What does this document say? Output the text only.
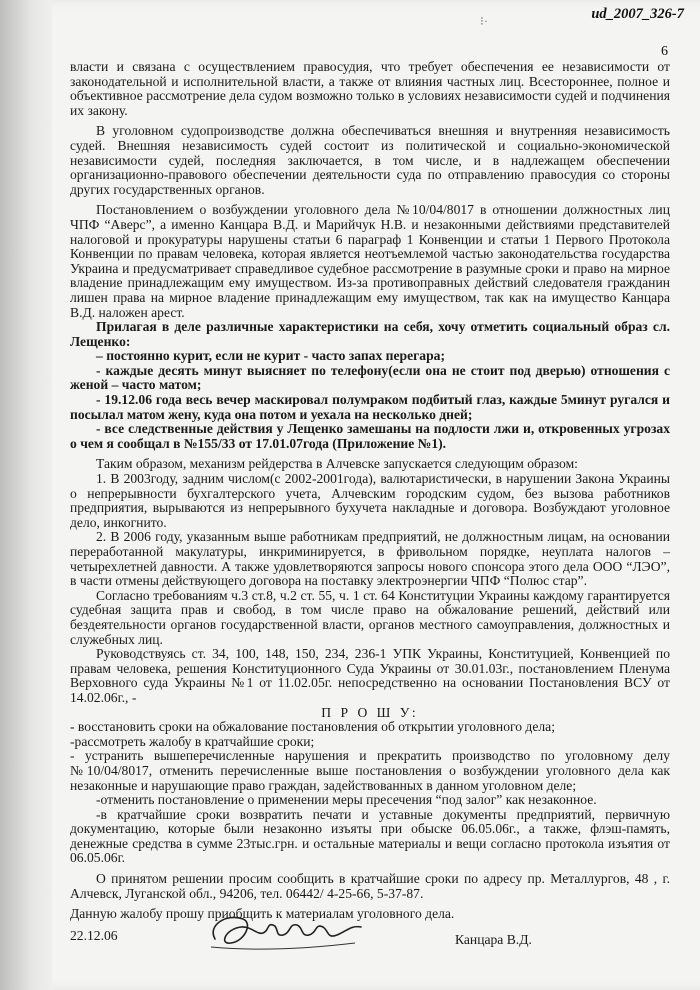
⁝·	ud_2007_326-7
6

власти и связана с осуществлением правосудия, что требует обеспечения ее независимости от законодательной и исполнительной власти, а также от влияния частных лиц. Всестороннее, полное и объективное рассмотрение дела судом возможно только в условиях независимости судей и подчинения их закону.

В уголовном судопроизводстве должна обеспечиваться внешняя и внутренняя независимость судей. Внешняя независимость судей состоит из политической и социально-экономической независимости судей, последняя заключается, в том числе, и в надлежащем обеспечении организационно-правового обеспечении деятельности суда по отправлению правосудия со стороны других государственных органов.

Постановлением о возбуждении уголовного дела №10/04/8017 в отношении должностных лиц ЧПФ “Аверс”, а именно Канцара В.Д. и Марийчук Н.В. и незаконными действиями представителей налоговой и прокуратуры нарушены статьи 6 параграф 1 Конвенции и статьи 1 Первого Протокола Конвенции по правам человека, которая является неотъемлемой частью законодательства государства Украина и предусматривает справедливое судебное рассмотрение в разумные сроки и право на мирное владение принадлежащим ему имуществом. Из-за противоправных действий следователя гражданин лишен права на мирное владение принадлежащим ему имуществом, так как на имущество Канцара В.Д. наложен арест.

Прилагая в деле различные характеристики на себя, хочу отметить социальный образ сл. Лещенко:

– постоянно курит, если не курит - часто запах перегара;

- каждые десять минут выясняет по телефону(если она не стоит под дверью) отношения с женой – часто матом;

- 19.12.06 года весь вечер маскировал полумраком подбитый глаз, каждые 5минут ругался и посылал матом жену, куда она потом и уехала на несколько дней;

- все следственные действия у Лещенко замешаны на подлости лжи и, откровенных угрозах о чем я сообщал в №155/33 от 17.01.07года (Приложение №1).

Таким образом, механизм рейдерства в Алчевске запускается следующим образом:

1. В 2003году, задним числом(с 2002-2001года), валютаристически, в нарушении Закона Украины о непрерывности бухгалтерского учета, Алчевским городским судом, без вызова работников предприятия, вырываются из непрерывного бухучета накладные и договора. Возбуждают уголовное дело, инкогнито.

2. В 2006 году, указанным выше работникам предприятий, не должностным лицам, на основании переработанной макулатуры, инкриминируется, в фривольном порядке, неуплата налогов – четырехлетней давности. А также удовлетворяются запросы нового спонсора этого дела ООО “ЛЭО”, в части отмены действующего договора на поставку электроэнергии ЧПФ “Полюс стар”.

Согласно требованиям ч.3 ст.8, ч.2 ст. 55, ч. 1 ст. 64 Конституции Украины каждому гарантируется судебная защита прав и свобод, в том числе право на обжалование решений, действий или бездеятельности органов государственной власти, органов местного самоуправления, должностных и служебных лиц.

Руководствуясь ст. 34, 100, 148, 150, 234, 236-1 УПК Украины, Конституцией, Конвенцией по правам человека, решения Конституционного Суда Украины от 30.01.03г., постановлением Пленума Верховного суда Украины №1 от 11.02.05г. непосредственно на основании Постановления ВСУ от 14.02.06г., -

П Р О Ш У:

- восстановить сроки на обжалование постановления об открытии уголовного дела;

-рассмотреть жалобу в кратчайшие сроки;

- устранить вышеперечисленные нарушения и прекратить производство по уголовному делу №10/04/8017, отменить перечисленные выше постановления о возбуждении уголовного дела как незаконные и нарушающие право граждан, задействованных в данном уголовном деле;

-отменить постановление о применении меры пресечения “под залог” как незаконное.

-в кратчайшие сроки возвратить печати и уставные документы предприятий, первичную документацию, которые были незаконно изъяты при обыске 06.05.06г., а также, флэш-память, денежные средства в сумме 23тыс.грн. и остальные материалы и вещи согласно протокола изъятия от 06.05.06г.

О принятом решении просим сообщить в кратчайшие сроки по адресу пр. Металлургов, 48 , г. Алчевск, Луганской обл., 94206, тел. 06442/ 4-25-66, 5-37-87.

Данную жалобу прошу приобщить к материалам уголовного дела.

22.12.06	Канцара В.Д.
